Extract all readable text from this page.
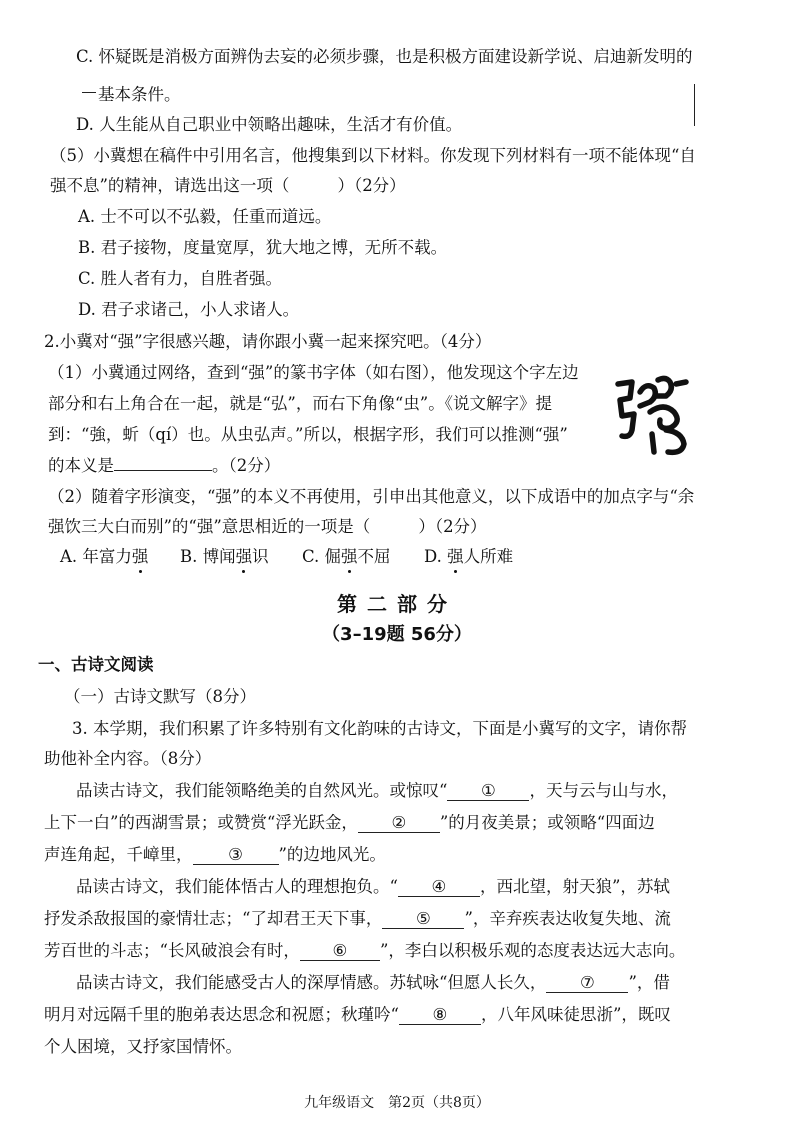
C. 怀疑既是消极方面辨伪去妄的必须步骤，也是积极方面建设新学说、启迪新发明的
基本条件。
D. 人生能从自己职业中领略出趣味，生活才有价值。
（5）小冀想在稿件中引用名言，他搜集到以下材料。你发现下列材料有一项不能体现“自
强不息”的精神，请选出这一项（	）（2分）
A. 士不可以不弘毅，任重而道远。
B. 君子接物，度量宽厚，犹大地之博，无所不载。
C. 胜人者有力，自胜者强。
D. 君子求诸己，小人求诸人。
2.小冀对“强”字很感兴趣，请你跟小冀一起来探究吧。（4分）
（1）小冀通过网络，查到“强”的篆书字体（如右图），他发现这个字左边
部分和右上角合在一起，就是“弘”，而右下角像“虫”。《说文解字》提
到：“強，蚚（qí）也。从虫弘声。”所以，根据字形，我们可以推测“强”
的本义是	。（2分）
（2）随着字形演变，“强”的本义不再使用，引申出其他意义，以下成语中的加点字与“余
强饮三大白而别”的“强”意思相近的一项是（	）（2分）
A. 年富力强 B. 博闻强识 C. 倔强不屈 D. 强人所难
第二部分
（3–19题 56分）
一、古诗文阅读
（一）古诗文默写（8分）
3. 本学期，我们积累了许多特别有文化韵味的古诗文，下面是小冀写的文字，请你帮
助他补全内容。（8分）
品读古诗文，我们能领略绝美的自然风光。或惊叹“ ① ，天与云与山与水，
上下一白”的西湖雪景；或赞赏“浮光跃金， ② ”的月夜美景；或领略“四面边
声连角起，千嶂里， ③ ”的边地风光。
品读古诗文，我们能体悟古人的理想抱负。“ ④ ，西北望，射天狼”，苏轼
抒发杀敌报国的豪情壮志；“了却君王天下事， ⑤ ”，辛弃疾表达收复失地、流
芳百世的斗志；“长风破浪会有时， ⑥ ”，李白以积极乐观的态度表达远大志向。
品读古诗文，我们能感受古人的深厚情感。苏轼咏“但愿人长久， ⑦ ”，借
明月对远隔千里的胞弟表达思念和祝愿；秋瑾吟“ ⑧ ，八年风味徒思浙”，既叹
个人困境，又抒家国情怀。
九年级语文　第2页（共8页）
